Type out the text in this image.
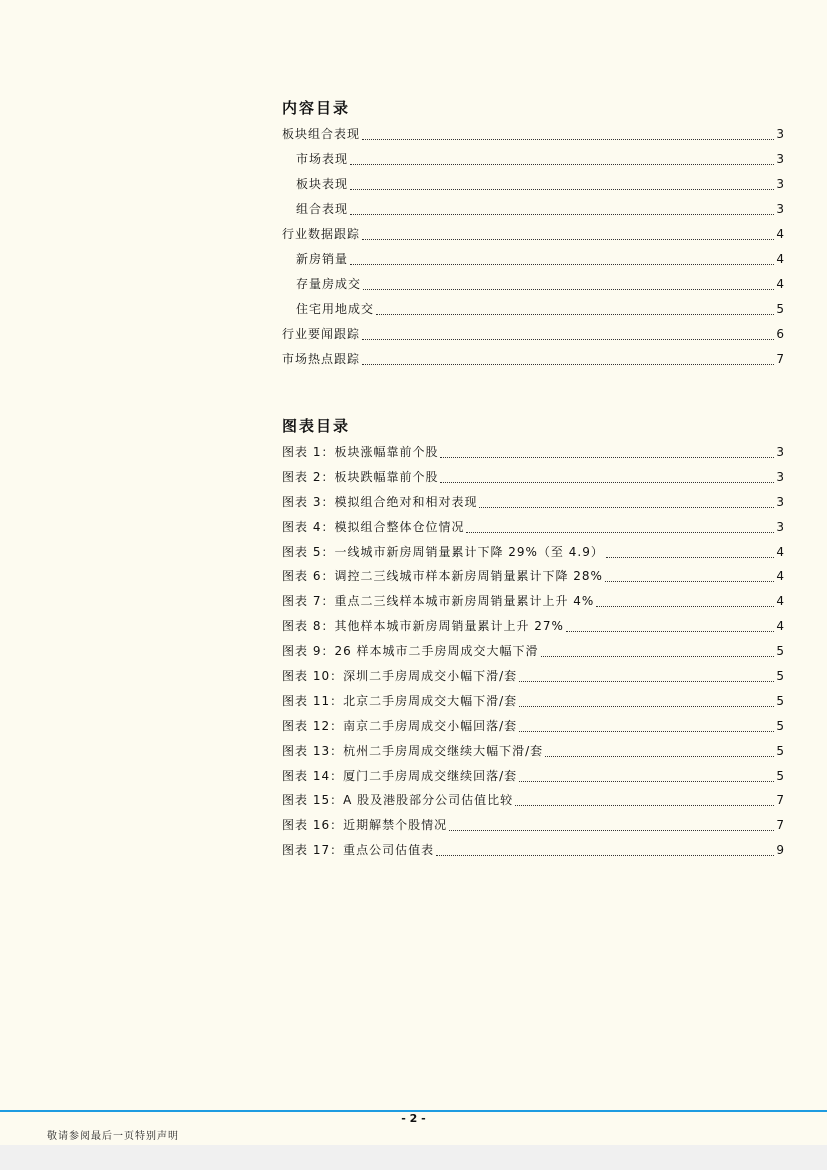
内容目录
板块组合表现	3
市场表现	3
板块表现	3
组合表现	3
行业数据跟踪	4
新房销量	4
存量房成交	4
住宅用地成交	5
行业要闻跟踪	6
市场热点跟踪	7
图表目录
图表 1：板块涨幅靠前个股	3
图表 2：板块跌幅靠前个股	3
图表 3：模拟组合绝对和相对表现	3
图表 4：模拟组合整体仓位情况	3
图表 5：一线城市新房周销量累计下降 29%（至 4.9）	4
图表 6：调控二三线城市样本新房周销量累计下降 28%	4
图表 7：重点二三线样本城市新房周销量累计上升 4%	4
图表 8：其他样本城市新房周销量累计上升 27%	4
图表 9：26 样本城市二手房周成交大幅下滑	5
图表 10：深圳二手房周成交小幅下滑/套	5
图表 11：北京二手房周成交大幅下滑/套	5
图表 12：南京二手房周成交小幅回落/套	5
图表 13：杭州二手房周成交继续大幅下滑/套	5
图表 14：厦门二手房周成交继续回落/套	5
图表 15：A 股及港股部分公司估值比较	7
图表 16：近期解禁个股情况	7
图表 17：重点公司估值表	9
- 2 -
敬请参阅最后一页特别声明
